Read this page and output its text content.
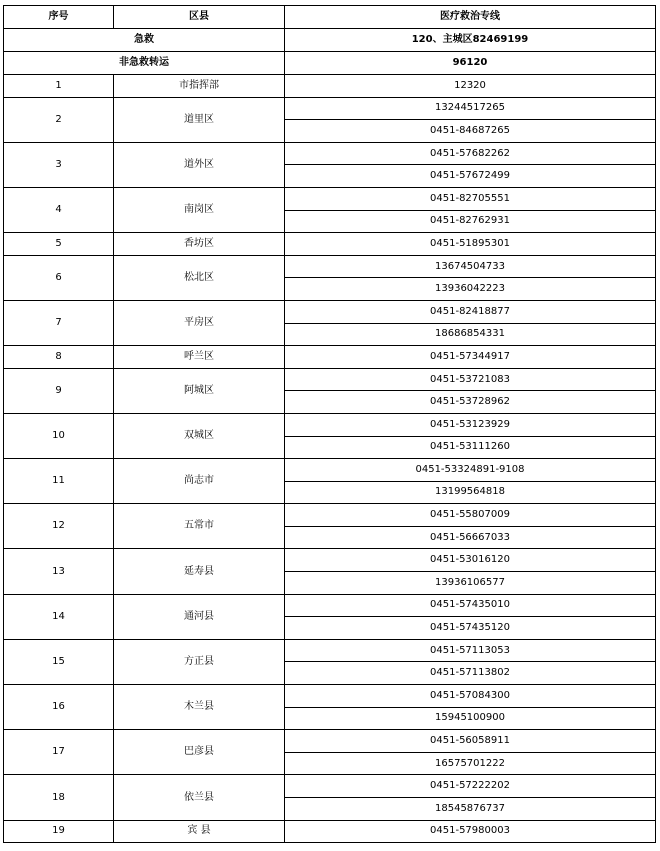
序号	区县	医疗救治专线
急救		120、主城区82469199
非急救转运		96120
1	市指挥部	12320
2	道里区	13244517265
		0451-84687265
3	道外区	0451-57682262
		0451-57672499
4	南岗区	0451-82705551
		0451-82762931
5	香坊区	0451-51895301
6	松北区	13674504733
		13936042223
7	平房区	0451-82418877
		18686854331
8	呼兰区	0451-57344917
9	阿城区	0451-53721083
		0451-53728962
10	双城区	0451-53123929
		0451-53111260
11	尚志市	0451-53324891-9108
		13199564818
12	五常市	0451-55807009
		0451-56667033
13	延寿县	0451-53016120
		13936106577
14	通河县	0451-57435010
		0451-57435120
15	方正县	0451-57113053
		0451-57113802
16	木兰县	0451-57084300
		15945100900
17	巴彦县	0451-56058911
		16575701222
18	依兰县	0451-57222202
		18545876737
19	宾 县	0451-57980003
